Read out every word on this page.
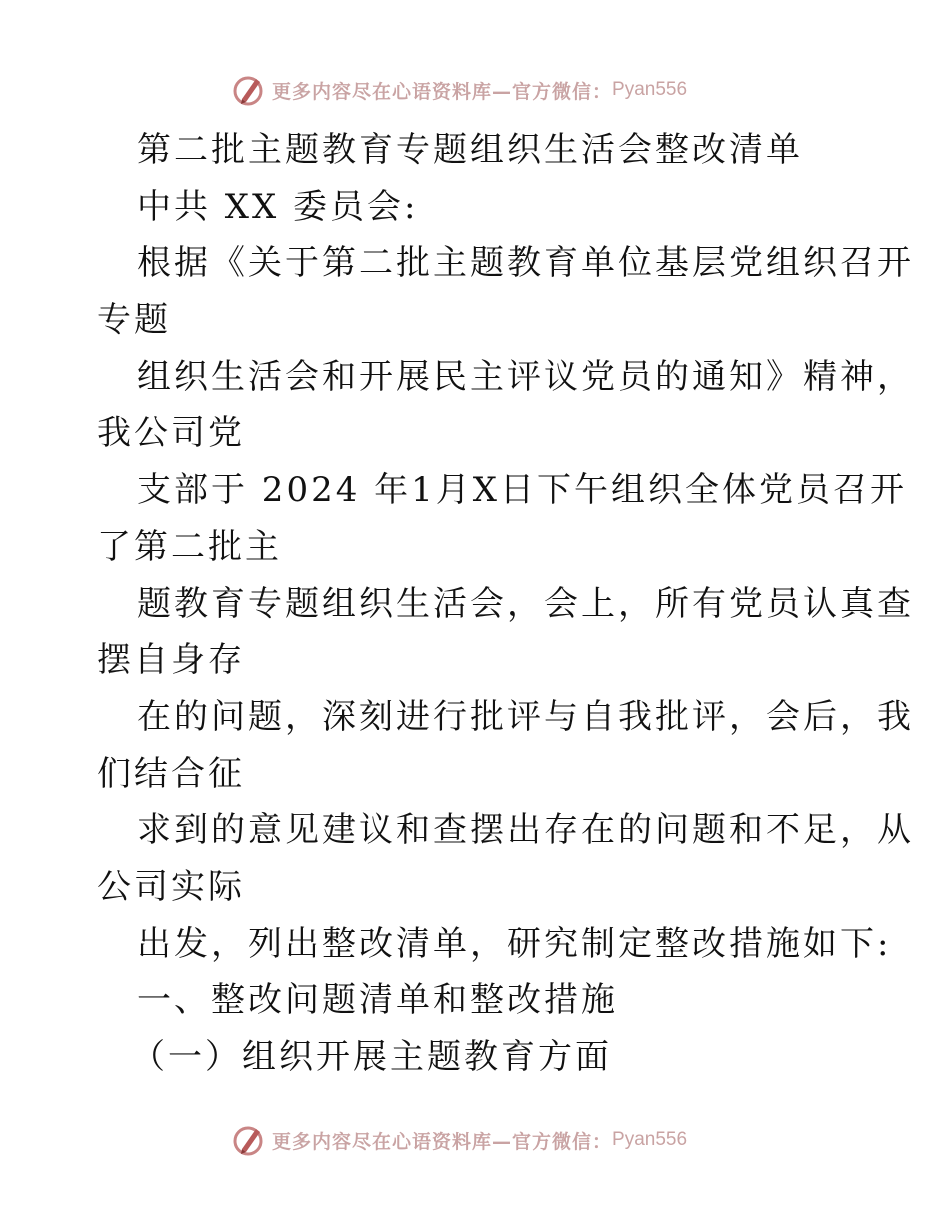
更多内容尽在心语资料库—官方微信： Pyan556
第二批主题教育专题组织生活会整改清单
中共 XX 委员会:
根据《关于第二批主题教育单位基层党组织召开
专题
组织生活会和开展民主评议党员的通知》精神，
我公司党
支部于 2024 年1月X日下午组织全体党员召开
了第二批主
题教育专题组织生活会，会上，所有党员认真查
摆自身存
在的问题，深刻进行批评与自我批评，会后，我
们结合征
求到的意见建议和查摆出存在的问题和不足，从
公司实际
出发，列出整改清单，研究制定整改措施如下:
一、整改问题清单和整改措施
（一）组织开展主题教育方面
更多内容尽在心语资料库—官方微信： Pyan556
